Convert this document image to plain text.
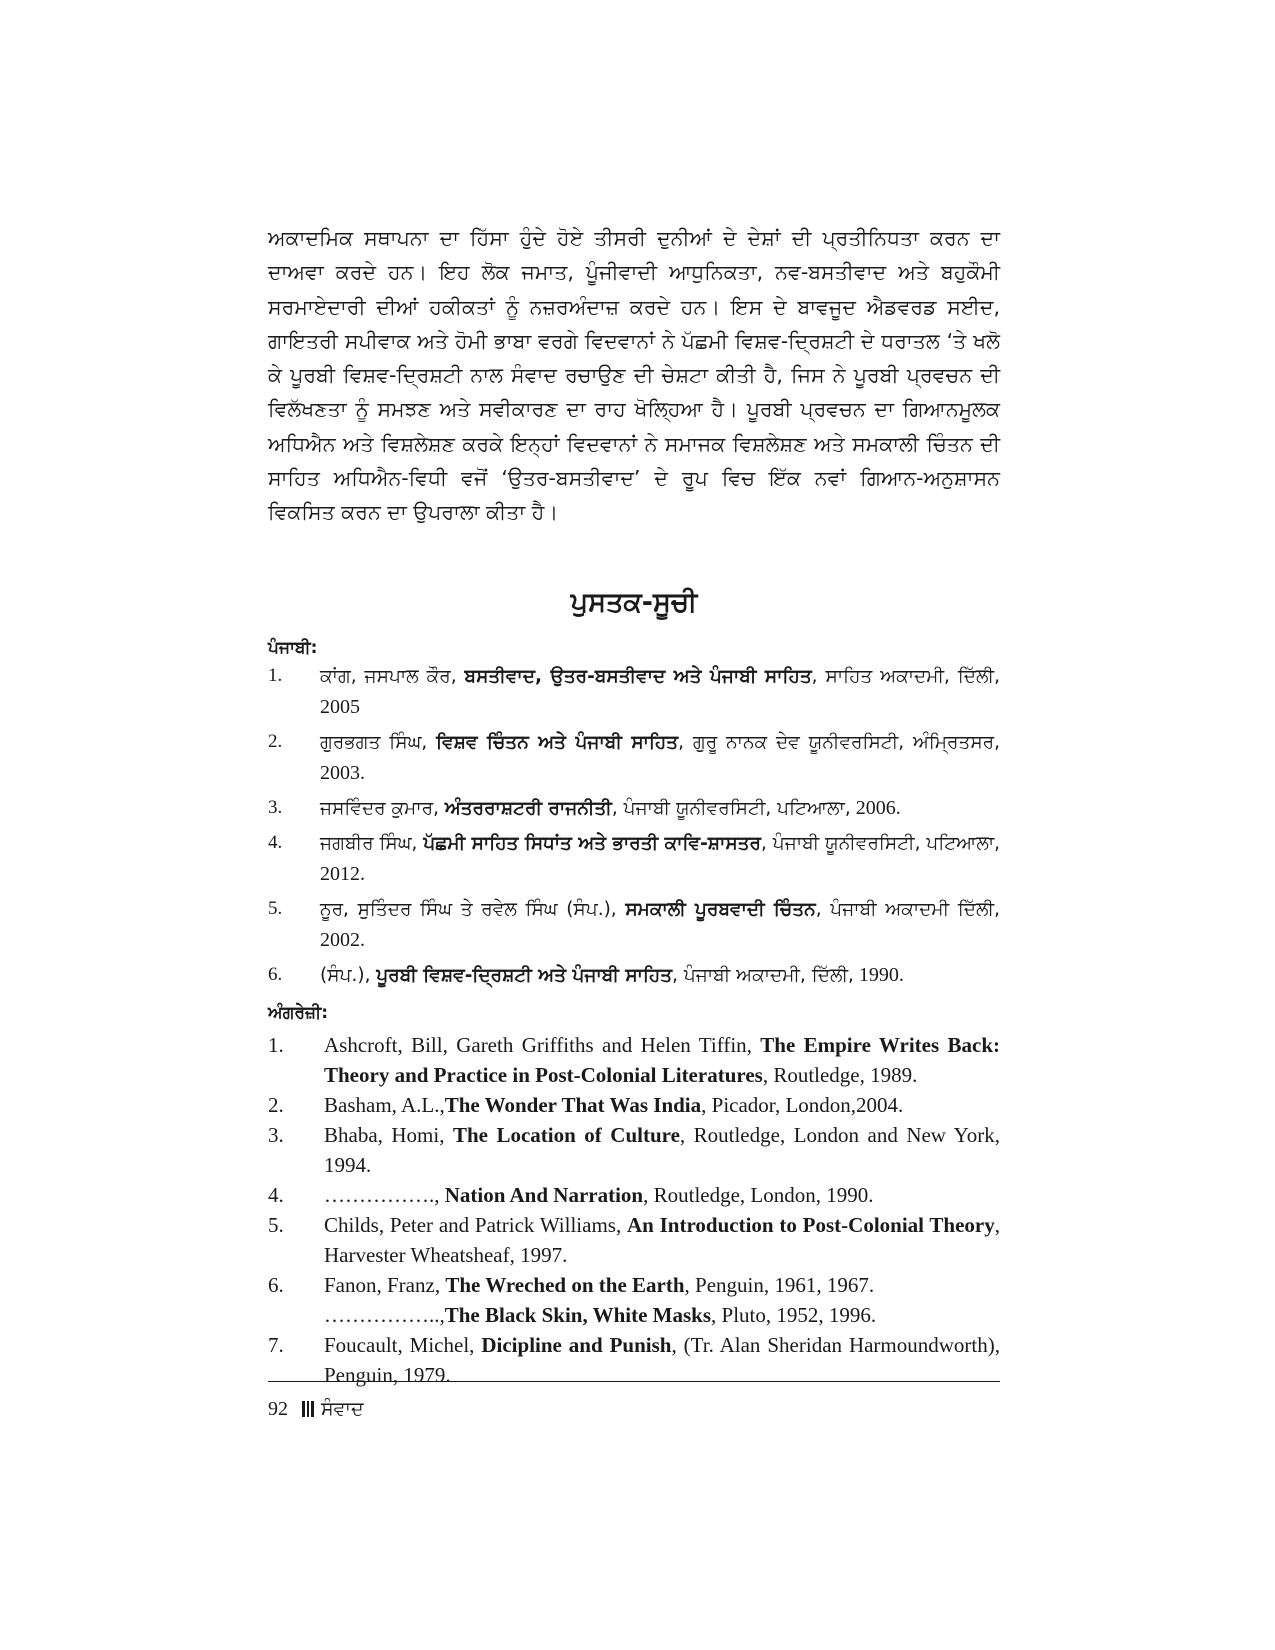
ਅਕਾਦਮਿਕ ਸਥਾਪਨਾ ਦਾ ਹਿੱਸਾ ਹੁੰਦੇ ਹੋਏ ਤੀਸਰੀ ਦੁਨੀਆਂ ਦੇ ਦੇਸ਼ਾਂ ਦੀ ਪ੍ਰਤੀਨਿਧਤਾ ਕਰਨ ਦਾ ਦਾਅਵਾ ਕਰਦੇ ਹਨ। ਇਹ ਲੋਕ ਜਮਾਤ, ਪੂੰਜੀਵਾਦੀ ਆਧੁਨਿਕਤਾ, ਨਵ-ਬਸਤੀਵਾਦ ਅਤੇ ਬਹੁਕੌਮੀ ਸਰਮਾਏਦਾਰੀ ਦੀਆਂ ਹਕੀਕਤਾਂ ਨੂੰ ਨਜ਼ਰਅੰਦਾਜ਼ ਕਰਦੇ ਹਨ। ਇਸ ਦੇ ਬਾਵਜੂਦ ਐਡਵਰਡ ਸਈਦ, ਗਾਇਤਰੀ ਸਪੀਵਾਕ ਅਤੇ ਹੋਮੀ ਭਾਬਾ ਵਰਗੇ ਵਿਦਵਾਨਾਂ ਨੇ ਪੱਛਮੀ ਵਿਸ਼ਵ-ਦ੍ਰਿਸ਼ਟੀ ਦੇ ਧਰਾਤਲ ‘ਤੇ ਖਲੋ ਕੇ ਪੂਰਬੀ ਵਿਸ਼ਵ-ਦ੍ਰਿਸ਼ਟੀ ਨਾਲ ਸੰਵਾਦ ਰਚਾਉਣ ਦੀ ਚੇਸ਼ਟਾ ਕੀਤੀ ਹੈ, ਜਿਸ ਨੇ ਪੂਰਬੀ ਪ੍ਰਵਚਨ ਦੀ ਵਿਲੱਖਣਤਾ ਨੂੰ ਸਮਝਣ ਅਤੇ ਸਵੀਕਾਰਣ ਦਾ ਰਾਹ ਖੋਲ੍ਹਿਆ ਹੈ। ਪੂਰਬੀ ਪ੍ਰਵਚਨ ਦਾ ਗਿਆਨਮੂਲਕ ਅਧਿਐਨ ਅਤੇ ਵਿਸ਼ਲੇਸ਼ਣ ਕਰਕੇ ਇਨ੍ਹਾਂ ਵਿਦਵਾਨਾਂ ਨੇ ਸਮਾਜਕ ਵਿਸ਼ਲੇਸ਼ਣ ਅਤੇ ਸਮਕਾਲੀ ਚਿੰਤਨ ਦੀ ਸਾਹਿਤ ਅਧਿਐਨ-ਵਿਧੀ ਵਜੋਂ ‘ਉਤਰ-ਬਸਤੀਵਾਦ’ ਦੇ ਰੂਪ ਵਿਚ ਇੱਕ ਨਵਾਂ ਗਿਆਨ-ਅਨੁਸ਼ਾਸਨ ਵਿਕਸਿਤ ਕਰਨ ਦਾ ਉਪਰਾਲਾ ਕੀਤਾ ਹੈ।

ਪੁਸਤਕ-ਸੂਚੀ
ਪੰਜਾਬੀ:
1.	ਕਾਂਗ, ਜਸਪਾਲ ਕੌਰ, ਬਸਤੀਵਾਦ, ਉਤਰ-ਬਸਤੀਵਾਦ ਅਤੇ ਪੰਜਾਬੀ ਸਾਹਿਤ, ਸਾਹਿਤ ਅਕਾਦਮੀ, ਦਿੱਲੀ, 2005
2.	ਗੁਰਭਗਤ ਸਿੰਘ, ਵਿਸ਼ਵ ਚਿੰਤਨ ਅਤੇ ਪੰਜਾਬੀ ਸਾਹਿਤ, ਗੁਰੂ ਨਾਨਕ ਦੇਵ ਯੂਨੀਵਰਸਿਟੀ, ਅੰਮ੍ਰਿਤਸਰ, 2003.
3.	ਜਸਵਿੰਦਰ ਕੁਮਾਰ, ਅੰਤਰਰਾਸ਼ਟਰੀ ਰਾਜਨੀਤੀ, ਪੰਜਾਬੀ ਯੂਨੀਵਰਸਿਟੀ, ਪਟਿਆਲਾ, 2006.
4.	ਜਗਬੀਰ ਸਿੰਘ, ਪੱਛਮੀ ਸਾਹਿਤ ਸਿਧਾਂਤ ਅਤੇ ਭਾਰਤੀ ਕਾਵਿ-ਸ਼ਾਸਤਰ, ਪੰਜਾਬੀ ਯੂਨੀਵਰਸਿਟੀ, ਪਟਿਆਲਾ, 2012.
5.	ਨੂਰ, ਸੁਤਿੰਦਰ ਸਿੰਘ ਤੇ ਰਵੇਲ ਸਿੰਘ (ਸੰਪ.), ਸਮਕਾਲੀ ਪੂਰਬਵਾਦੀ ਚਿੰਤਨ, ਪੰਜਾਬੀ ਅਕਾਦਮੀ ਦਿੱਲੀ, 2002.
6.	(ਸੰਪ.), ਪੂਰਬੀ ਵਿਸ਼ਵ-ਦ੍ਰਿਸ਼ਟੀ ਅਤੇ ਪੰਜਾਬੀ ਸਾਹਿਤ, ਪੰਜਾਬੀ ਅਕਾਦਮੀ, ਦਿੱਲੀ, 1990.
ਅੰਗਰੇਜ਼ੀ:
1.	Ashcroft, Bill, Gareth Griffiths and Helen Tiffin, The Empire Writes Back: Theory and Practice in Post-Colonial Literatures, Routledge, 1989.
2.	Basham, A.L.,The Wonder That Was India, Picador, London,2004.
3.	Bhaba, Homi, The Location of Culture, Routledge, London and New York, 1994.
4.	……………., Nation And Narration, Routledge, London, 1990.
5.	Childs, Peter and Patrick Williams, An Introduction to Post-Colonial Theory, Harvester Wheatsheaf, 1997.
6.	Fanon, Franz, The Wreched on the Earth, Penguin, 1961, 1967.
……………..,The Black Skin, White Masks, Pluto, 1952, 1996.
7.	Foucault, Michel, Dicipline and Punish, (Tr. Alan Sheridan Harmoundworth), Penguin, 1979.
92 ਸੰਵਾਦ
